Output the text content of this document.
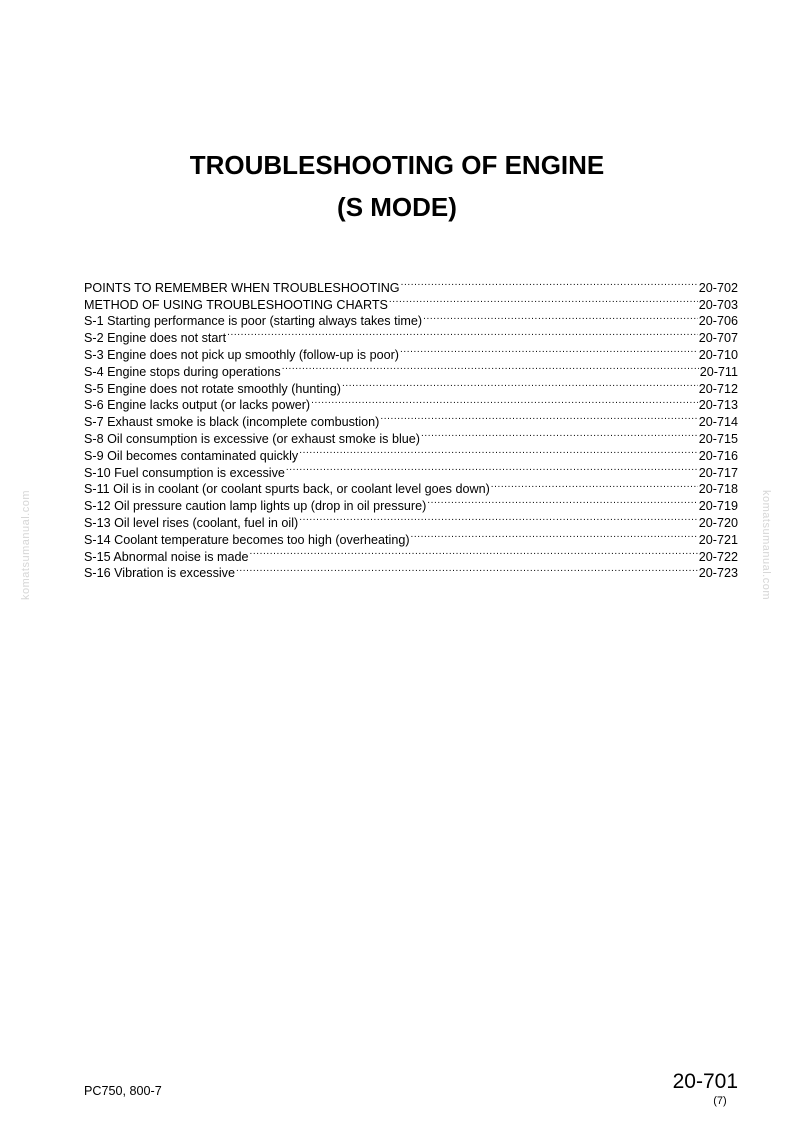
TROUBLESHOOTING OF ENGINE
(S MODE)
POINTS TO REMEMBER WHEN TROUBLESHOOTING .....	20-702
METHOD OF USING TROUBLESHOOTING CHARTS .....	20-703
S-1 Starting performance is poor (starting always takes time) .....	20-706
S-2 Engine does not start .....	20-707
S-3 Engine does not pick up smoothly (follow-up is poor) .....	20-710
S-4 Engine stops during operations .....	20-711
S-5 Engine does not rotate smoothly (hunting) .....	20-712
S-6 Engine lacks output (or lacks power) .....	20-713
S-7 Exhaust smoke is black (incomplete combustion) .....	20-714
S-8 Oil consumption is excessive (or exhaust smoke is blue) .....	20-715
S-9 Oil becomes contaminated quickly .....	20-716
S-10 Fuel consumption is excessive .....	20-717
S-11 Oil is in coolant (or coolant spurts back, or coolant level goes down) .....	20-718
S-12 Oil pressure caution lamp lights up (drop in oil pressure) .....	20-719
S-13 Oil level rises (coolant, fuel in oil) .....	20-720
S-14 Coolant temperature becomes too high (overheating) .....	20-721
S-15 Abnormal noise is made .....	20-722
S-16 Vibration is excessive .....	20-723
komatsumanual.com	komatsumanual.com
PC750, 800-7	20-701
(7)
